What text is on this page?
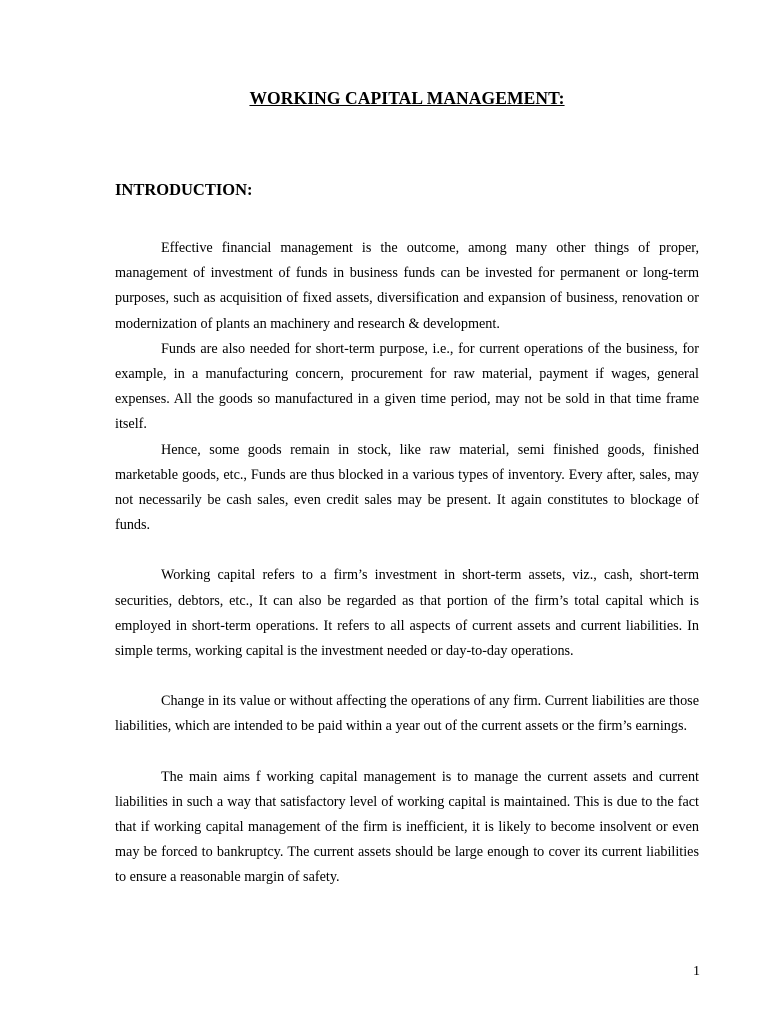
WORKING CAPITAL MANAGEMENT:
INTRODUCTION:

Effective financial management is the outcome, among many other things of proper, management of investment of funds in business funds can be invested for permanent or long-term purposes, such as acquisition of fixed assets, diversification and expansion of business, renovation or modernization of plants an machinery and research & development.

Funds are also needed for short-term purpose, i.e., for current operations of the business, for example, in a manufacturing concern, procurement for raw material, payment if wages, general expenses. All the goods so manufactured in a given time period, may not be sold in that time frame itself.

Hence, some goods remain in stock, like raw material, semi finished goods, finished marketable goods, etc., Funds are thus blocked in a various types of inventory. Every after, sales, may not necessarily be cash sales, even credit sales may be present. It again constitutes to blockage of funds.

Working capital refers to a firm’s investment in short-term assets, viz., cash, short-term securities, debtors, etc., It can also be regarded as that portion of the firm’s total capital which is employed in short-term operations. It refers to all aspects of current assets and current liabilities. In simple terms, working capital is the investment needed or day-to-day operations.

Change in its value or without affecting the operations of any firm. Current liabilities are those liabilities, which are intended to be paid within a year out of the current assets or the firm’s earnings.

The main aims f working capital management is to manage the current assets and current liabilities in such a way that satisfactory level of working capital is maintained. This is due to the fact that if working capital management of the firm is inefficient, it is likely to become insolvent or even may be forced to bankruptcy. The current assets should be large enough to cover its current liabilities to ensure a reasonable margin of safety.

1
